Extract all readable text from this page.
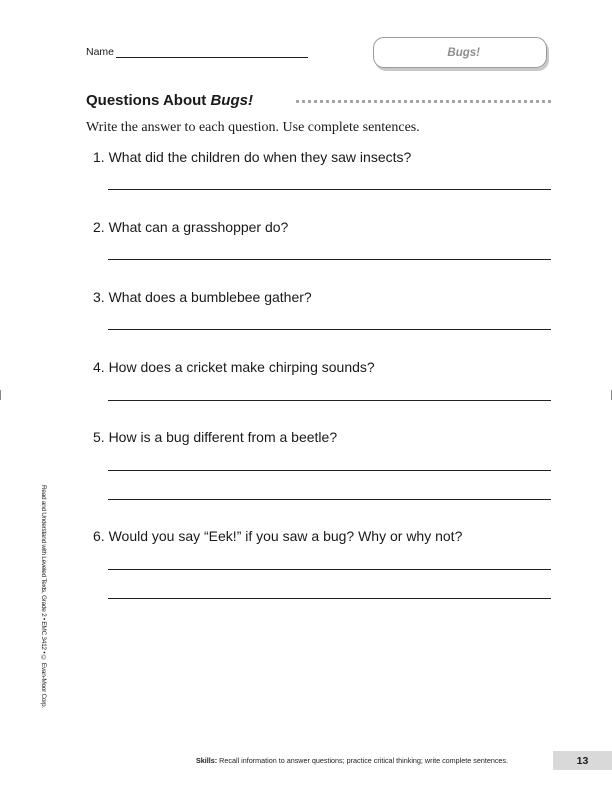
Name	Bugs!
Questions About Bugs!
Write the answer to each question. Use complete sentences.
1. What did the children do when they saw insects?
2. What can a grasshopper do?
3. What does a bumblebee gather?
4. How does a cricket make chirping sounds?
5. How is a bug different from a beetle?
6. Would you say “Eek!” if you saw a bug? Why or why not?
Read and Understand with Leveled Texts, Grade 2 • EMC 3412 • © Evan-Moor Corp.
Skills: Recall information to answer questions; practice critical thinking; write complete sentences.	13
